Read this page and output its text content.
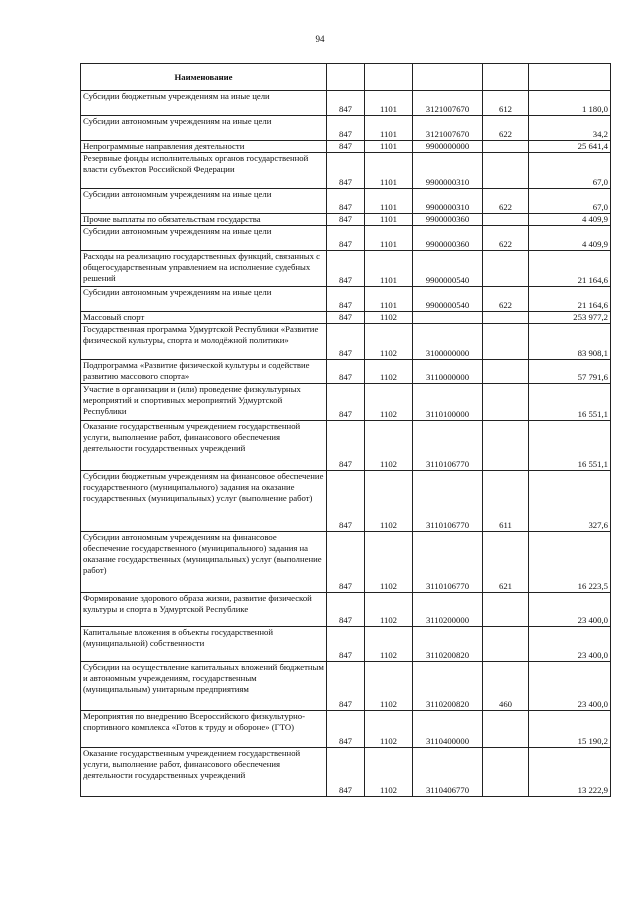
94
Наименование					
Субсидии бюджетным учреждениям на иные цели	847	1101	3121007670	612	1 180,0
Субсидии автономным учреждениям на иные цели	847	1101	3121007670	622	34,2
Непрограммные направления деятельности	847	1101	9900000000		25 641,4
Резервные фонды исполнительных органов государственной власти субъектов Российской Федерации	847	1101	9900000310		67,0
Субсидии автономным учреждениям на иные цели	847	1101	9900000310	622	67,0
Прочие выплаты по обязательствам государства	847	1101	9900000360		4 409,9
Субсидии автономным учреждениям на иные цели	847	1101	9900000360	622	4 409,9
Расходы на реализацию государственных функций, связанных с общегосударственным управлением на исполнение судебных решений	847	1101	9900000540		21 164,6
Субсидии автономным учреждениям на иные цели	847	1101	9900000540	622	21 164,6
Массовый спорт	847	1102			253 977,2
Государственная программа Удмуртской Республики «Развитие физической культуры, спорта и молодёжной политики»	847	1102	3100000000		83 908,1
Подпрограмма «Развитие физической культуры и содействие развитию массового спорта»	847	1102	3110000000		57 791,6
Участие в организации и (или) проведение физкультурных мероприятий и спортивных мероприятий Удмуртской Республики	847	1102	3110100000		16 551,1
Оказание государственным учреждением государственной услуги, выполнение работ, финансового обеспечения деятельности государственных учреждений	847	1102	3110106770		16 551,1
Субсидии бюджетным учреждениям на финансовое обеспечение государственного (муниципального) задания на оказание государственных (муниципальных) услуг (выполнение работ)	847	1102	3110106770	611	327,6
Субсидии автономным учреждениям на финансовое обеспечение государственного (муниципального) задания на оказание государственных (муниципальных) услуг (выполнение работ)	847	1102	3110106770	621	16 223,5
Формирование здорового образа жизни, развитие физической культуры и спорта в Удмуртской Республике	847	1102	3110200000		23 400,0
Капитальные вложения в объекты государственной (муниципальной) собственности	847	1102	3110200820		23 400,0
Субсидии на осуществление капитальных вложений бюджетным и автономным учреждениям, государственным (муниципальным) унитарным предприятиям	847	1102	3110200820	460	23 400,0
Мероприятия по внедрению Всероссийского физкультурно-спортивного комплекса «Готов к труду и обороне» (ГТО)	847	1102	3110400000		15 190,2
Оказание государственным учреждением государственной услуги, выполнение работ, финансового обеспечения деятельности государственных учреждений	847	1102	3110406770		13 222,9
